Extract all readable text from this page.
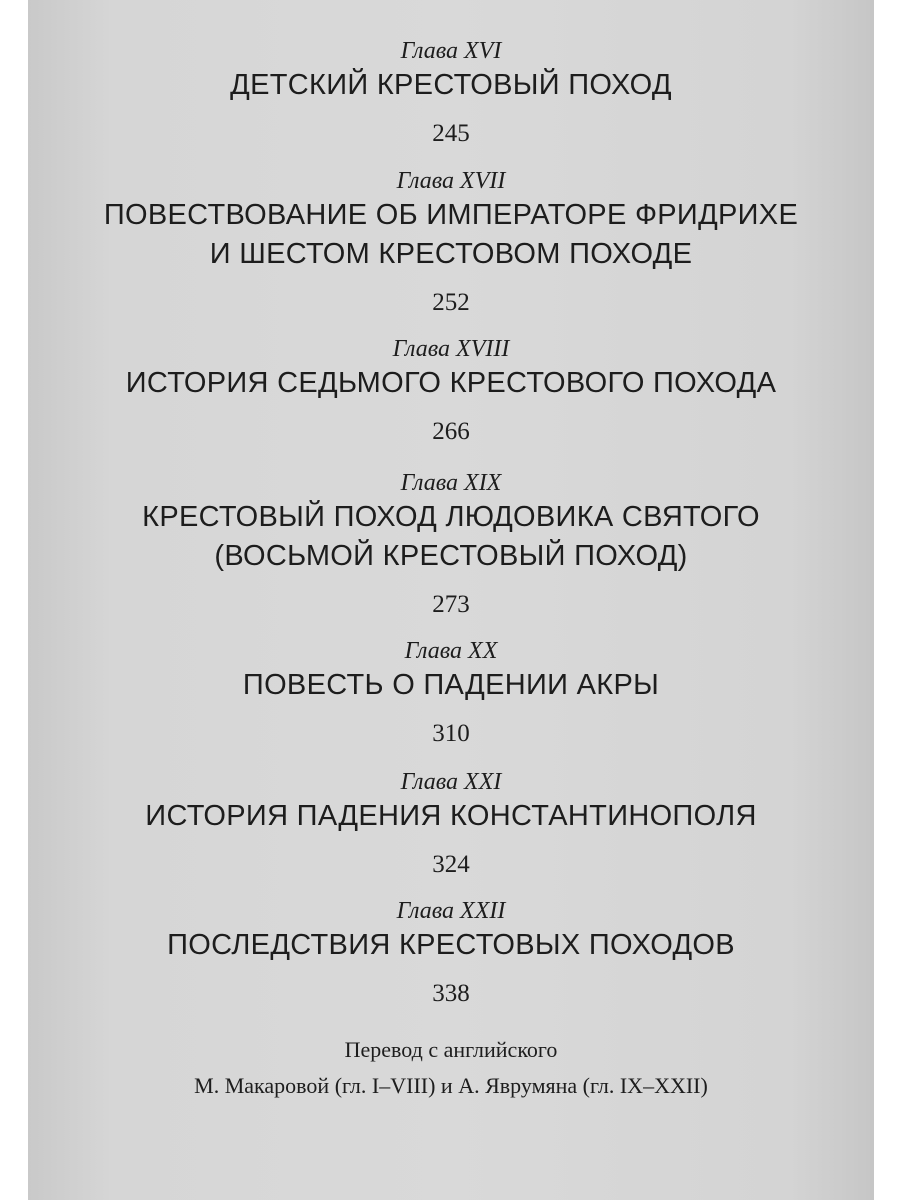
Глава XVI
ДЕТСКИЙ КРЕСТОВЫЙ ПОХОД
245
Глава XVII
ПОВЕСТВОВАНИЕ ОБ ИМПЕРАТОРЕ ФРИДРИХЕ
И ШЕСТОМ КРЕСТОВОМ ПОХОДЕ
252
Глава XVIII
ИСТОРИЯ СЕДЬМОГО КРЕСТОВОГО ПОХОДА
266
Глава XIX
КРЕСТОВЫЙ ПОХОД ЛЮДОВИКА СВЯТОГО
(ВОСЬМОЙ КРЕСТОВЫЙ ПОХОД)
273
Глава XX
ПОВЕСТЬ О ПАДЕНИИ АКРЫ
310
Глава XXI
ИСТОРИЯ ПАДЕНИЯ КОНСТАНТИНОПОЛЯ
324
Глава XXII
ПОСЛЕДСТВИЯ КРЕСТОВЫХ ПОХОДОВ
338
Перевод с английского
М. Макаровой (гл. I–VIII) и А. Яврумяна (гл. IX–XXII)
